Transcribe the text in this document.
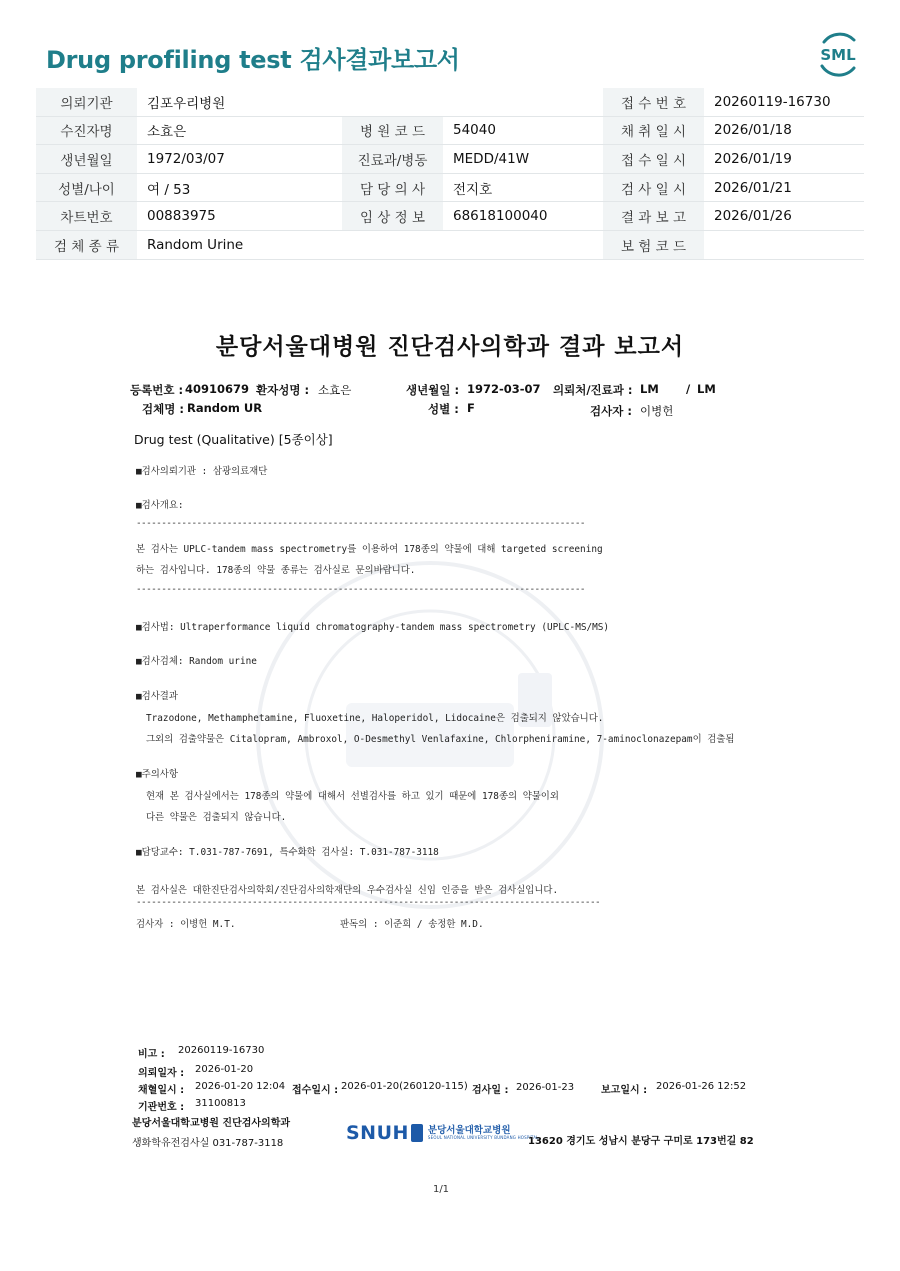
Drug profiling test 검사결과보고서	SML
의뢰기관	김포우리병원			접 수 번 호	20260119-16730
수진자명	소효은	병 원 코 드	54040	채 취 일 시	2026/01/18
생년월일	1972/03/07	진료과/병동	MEDD/41W	접 수 일 시	2026/01/19
성별/나이	여 / 53	담 당 의 사	전지호	검 사 일 시	2026/01/21
차트번호	00883975	임 상 정 보	68618100040	결 과 보 고	2026/01/26
검 체 종 류	Random Urine			보 험 코 드	
분당서울대병원 진단검사의학과 결과 보고서
등록번호 : 40910679 환자성명 : 소효은	생년월일 : 1972-03-07 의뢰처/진료과 : LM / LM
검체명 : Random UR	성별 : F	검사자 : 이병헌
Drug test (Qualitative) [5종이상]
■검사의뢰기관 : 삼광의료재단
■검사개요:
-----------------------------------------------------------------------------------------
본 검사는 UPLC-tandem mass spectrometry를 이용하여 178종의 약물에 대해 targeted screening
하는 검사입니다. 178종의 약물 종류는 검사실로 문의바랍니다.
-----------------------------------------------------------------------------------------
■검사법: Ultraperformance liquid chromatography-tandem mass spectrometry (UPLC-MS/MS)
■검사검체: Random urine
■검사결과
Trazodone, Methamphetamine, Fluoxetine, Haloperidol, Lidocaine은 검출되지 않았습니다.
그외의 검출약물은 Citalopram, Ambroxol, O-Desmethyl Venlafaxine, Chlorpheniramine, 7-aminoclonazepam이 검출됨
■주의사항
현재 본 검사실에서는 178종의 약물에 대해서 선별검사를 하고 있기 때문에 178종의 약물이외
다른 약물은 검출되지 않습니다.
■담당교수: T.031-787-7691, 특수화학 검사실: T.031-787-3118
본 검사실은 대한진단검사의학회/진단검사의학재단의 우수검사실 신임 인증을 받은 검사실입니다.
--------------------------------------------------------------------------------------------
검사자 : 이병헌 M.T.	판독의 : 이준희 / 송정한 M.D.
비고 : 20260119-16730
의뢰일자 : 2026-01-20
채혈일시 : 2026-01-20 12:04 접수일시 : 2026-01-20(260120-115) 검사일 : 2026-01-23	보고일시 : 2026-01-26 12:52
기관번호 : 31100813
분당서울대학교병원 진단검사의학과
생화학유전검사실 031-787-3118	SNUH 분당서울대학교병원
SEOUL NATIONAL UNIVERSITY BUNDANG HOSPITAL
13620 경기도 성남시 분당구 구미로 173번길 82
1/1
